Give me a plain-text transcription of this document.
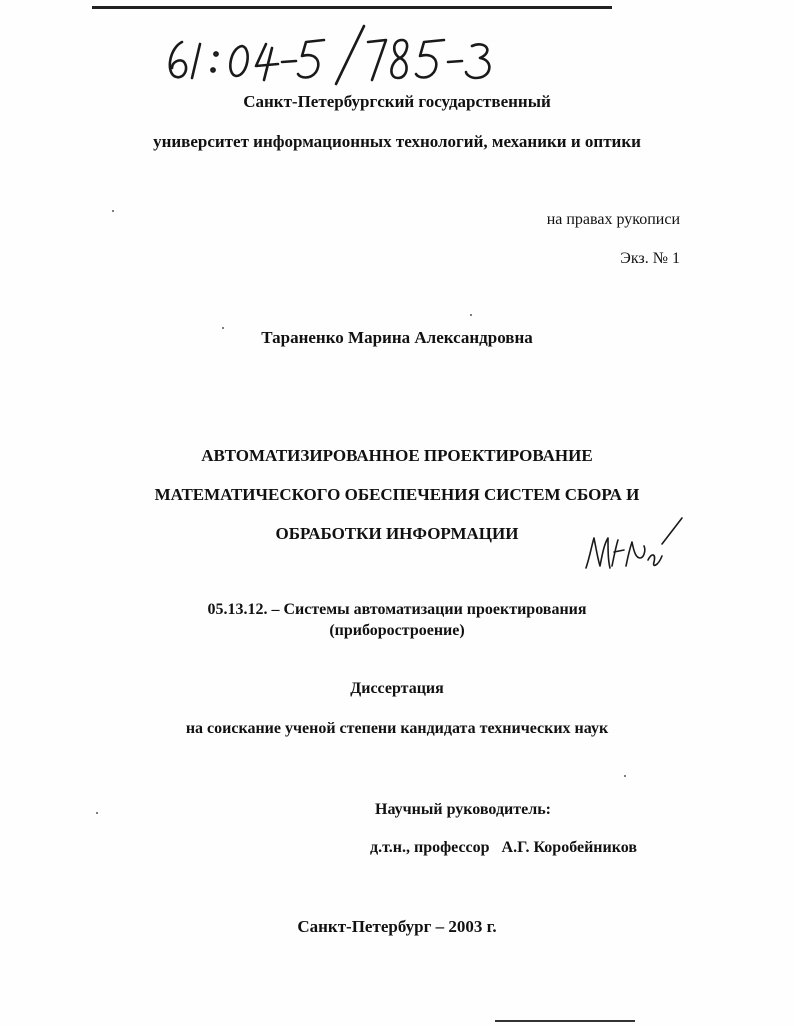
Санкт-Петербургский государственный
университет информационных технологий, механики и оптики
на правах рукописи
Экз. № 1
Тараненко Марина Александровна
АВТОМАТИЗИРОВАННОЕ ПРОЕКТИРОВАНИЕ
МАТЕМАТИЧЕСКОГО ОБЕСПЕЧЕНИЯ СИСТЕМ СБОРА И
ОБРАБОТКИ ИНФОРМАЦИИ
05.13.12. – Системы автоматизации проектирования
(приборостроение)
Диссертация
на соискание ученой степени кандидата технических наук
Научный руководитель:
д.т.н., профессор   А.Г. Коробейников
Санкт-Петербург – 2003 г.
